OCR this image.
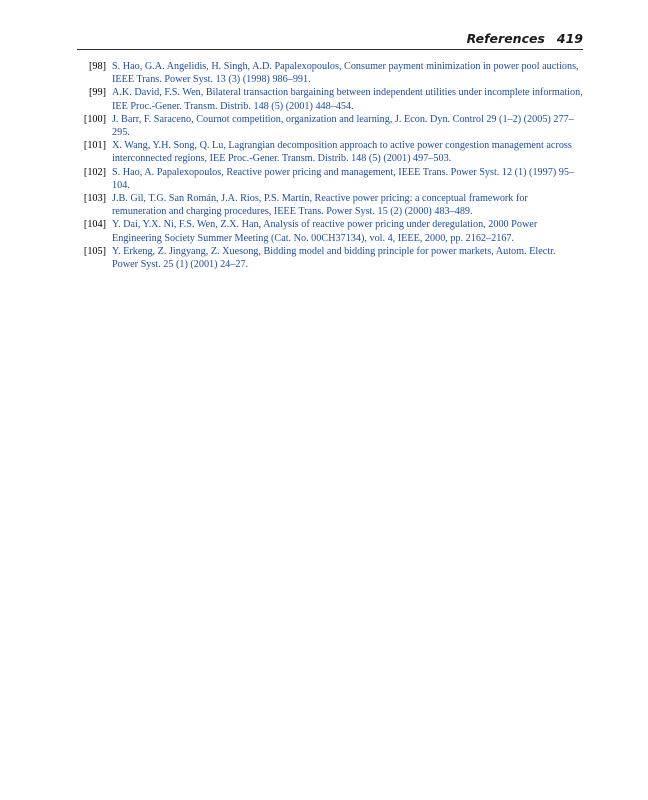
References 419
[98] S. Hao, G.A. Angelidis, H. Singh, A.D. Papalexopoulos, Consumer payment minimization in power pool auctions, IEEE Trans. Power Syst. 13 (3) (1998) 986–991.
[99] A.K. David, F.S. Wen, Bilateral transaction bargaining between independent utilities under incomplete information, IEE Proc.-Gener. Transm. Distrib. 148 (5) (2001) 448–454.
[100] J. Barr, F. Saraceno, Cournot competition, organization and learning, J. Econ. Dyn. Control 29 (1–2) (2005) 277–295.
[101] X. Wang, Y.H. Song, Q. Lu, Lagrangian decomposition approach to active power congestion management across interconnected regions, IEE Proc.-Gener. Transm. Distrib. 148 (5) (2001) 497–503.
[102] S. Hao, A. Papalexopoulos, Reactive power pricing and management, IEEE Trans. Power Syst. 12 (1) (1997) 95–104.
[103] J.B. Gil, T.G. San Román, J.A. Rios, P.S. Martin, Reactive power pricing: a conceptual framework for remuneration and charging procedures, IEEE Trans. Power Syst. 15 (2) (2000) 483–489.
[104] Y. Dai, Y.X. Ni, F.S. Wen, Z.X. Han, Analysis of reactive power pricing under deregulation, 2000 Power Engineering Society Summer Meeting (Cat. No. 00CH37134), vol. 4, IEEE, 2000, pp. 2162–2167.
[105] Y. Erkeng, Z. Jingyang, Z. Xuesong, Bidding model and bidding principle for power markets, Autom. Electr. Power Syst. 25 (1) (2001) 24–27.
